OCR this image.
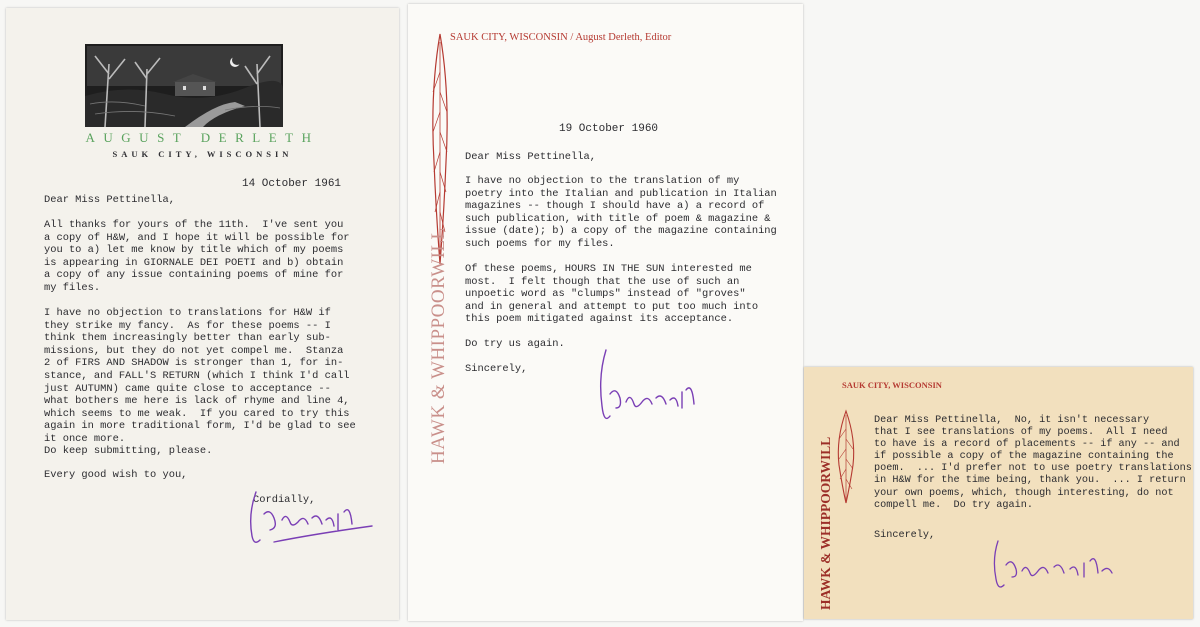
AUGUST DERLETH
SAUK CITY, WISCONSIN

14 October 1961

Dear Miss Pettinella,

All thanks for yours of the 11th.  I've sent you
a copy of H&W, and I hope it will be possible for
you to a) let me know by title which of my poems
is appearing in GIORNALE DEI POETI and b) obtain
a copy of any issue containing poems of mine for
my files.

I have no objection to translations for H&W if
they strike my fancy.  As for these poems -- I
think them increasingly better than early sub-
missions, but they do not yet compel me.  Stanza
2 of FIRS AND SHADOW is stronger than 1, for in-
stance, and FALL'S RETURN (which I think I'd call
just AUTUMN) came quite close to acceptance --
what bothers me here is lack of rhyme and line 4,
which seems to me weak.  If you cared to try this
again in more traditional form, I'd be glad to see
it once more.

Do keep submitting, please.

Every good wish to you,

Cordially,

SAUK CITY, WISCONSIN / August Derleth, Editor

HAWK & WHIPPOORWILL

19 October 1960

Dear Miss Pettinella,

I have no objection to the translation of my
poetry into the Italian and publication in Italian
magazines -- though I should have a) a record of
such publication, with title of poem & magazine &
issue (date); b) a copy of the magazine containing
such poems for my files.

Of these poems, HOURS IN THE SUN interested me
most.  I felt though that the use of such an
unpoetic word as "clumps" instead of "groves"
and in general and attempt to put too much into
this poem mitigated against its acceptance.

Do try us again.

Sincerely,

SAUK CITY, WISCONSIN

HAWK & WHIPPOORWILL

Dear Miss Pettinella,  No, it isn't necessary
that I see translations of my poems.  All I need
to have is a record of placements -- if any -- and
if possible a copy of the magazine containing the
poem.  ... I'd prefer not to use poetry translations
in H&W for the time being, thank you.  ... I return
your own poems, which, though interesting, do not
compell me.  Do try again.

Sincerely,
